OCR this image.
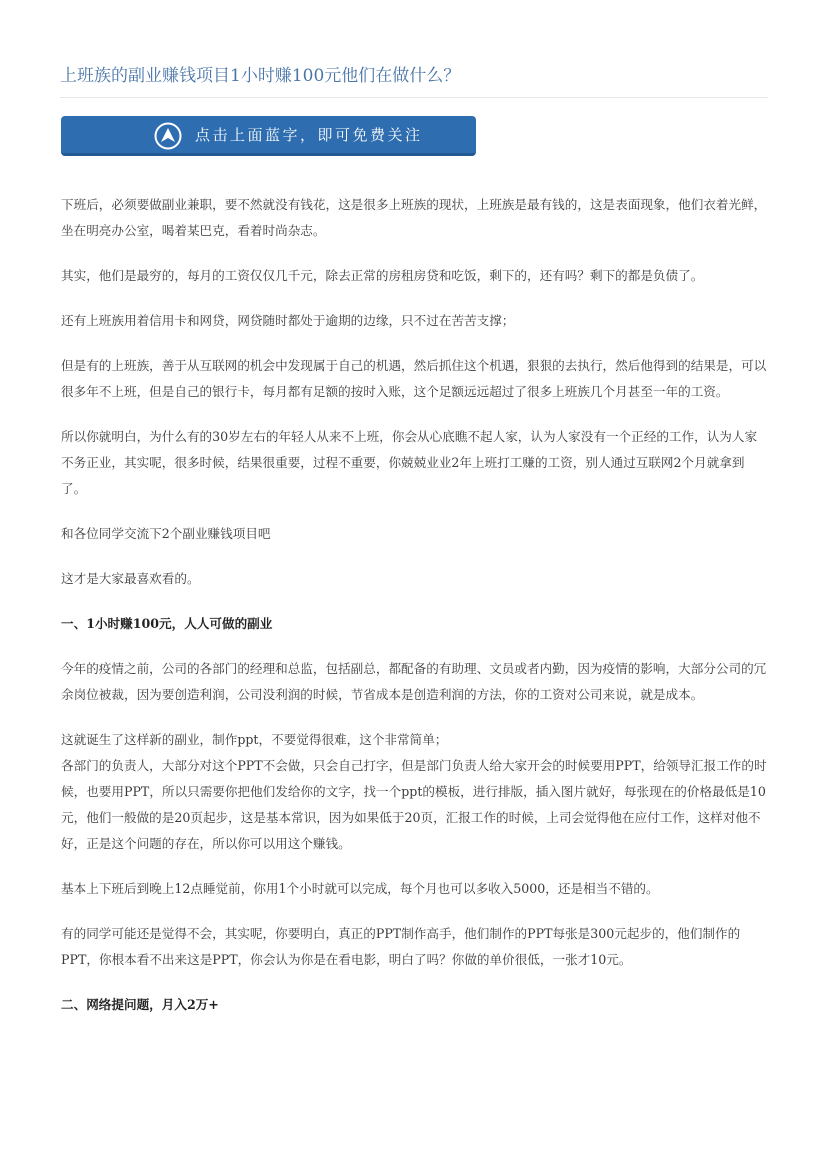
上班族的副业赚钱项目1小时赚100元他们在做什么？
点击上面蓝字，即可免费关注

下班后，必须要做副业兼职，要不然就没有钱花，这是很多上班族的现状，上班族是最有钱的，这是表面现象，他们衣着光鲜，坐在明亮办公室，喝着某巴克，看着时尚杂志。

其实，他们是最穷的，每月的工资仅仅几千元，除去正常的房租房贷和吃饭，剩下的，还有吗？剩下的都是负债了。

还有上班族用着信用卡和网贷，网贷随时都处于逾期的边缘，只不过在苦苦支撑；

但是有的上班族，善于从互联网的机会中发现属于自己的机遇，然后抓住这个机遇，狠狠的去执行，然后他得到的结果是，可以很多年不上班，但是自己的银行卡，每月都有足额的按时入账，这个足额远远超过了很多上班族几个月甚至一年的工资。

所以你就明白，为什么有的30岁左右的年轻人从来不上班，你会从心底瞧不起人家，认为人家没有一个正经的工作，认为人家不务正业，其实呢，很多时候，结果很重要，过程不重要，你兢兢业业2年上班打工赚的工资，别人通过互联网2个月就拿到了。

和各位同学交流下2个副业赚钱项目吧

这才是大家最喜欢看的。

一、1小时赚100元，人人可做的副业

今年的疫情之前，公司的各部门的经理和总监，包括副总，都配备的有助理、文员或者内勤，因为疫情的影响，大部分公司的冗余岗位被裁，因为要创造利润，公司没利润的时候，节省成本是创造利润的方法，你的工资对公司来说，就是成本。

这就诞生了这样新的副业，制作ppt，不要觉得很难，这个非常简单；

各部门的负责人，大部分对这个PPT不会做，只会自己打字，但是部门负责人给大家开会的时候要用PPT，给领导汇报工作的时候，也要用PPT，所以只需要你把他们发给你的文字，找一个ppt的模板，进行排版，插入图片就好，每张现在的价格最低是10元，他们一般做的是20页起步，这是基本常识，因为如果低于20页，汇报工作的时候，上司会觉得他在应付工作，这样对他不好，正是这个问题的存在，所以你可以用这个赚钱。

基本上下班后到晚上12点睡觉前，你用1个小时就可以完成，每个月也可以多收入5000，还是相当不错的。

有的同学可能还是觉得不会，其实呢，你要明白，真正的PPT制作高手，他们制作的PPT每张是300元起步的，他们制作的PPT，你根本看不出来这是PPT，你会认为你是在看电影，明白了吗？你做的单价很低，一张才10元。

二、网络提问题，月入2万+
